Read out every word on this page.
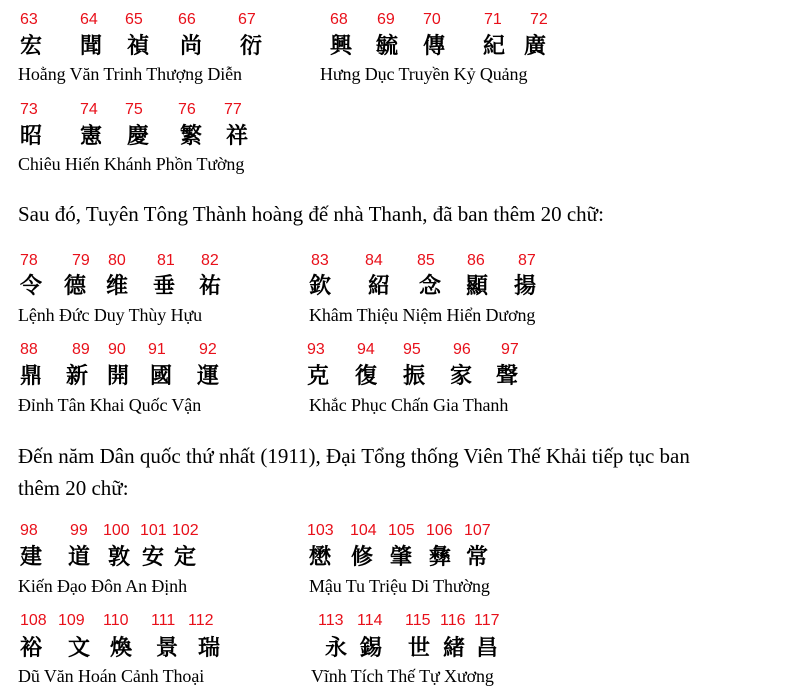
63	64 65 66	67
宏 聞 禎 尚 衍
Hoằng Văn Trinh Thượng Diễn
68 69 70	71 72
興 毓 傳 紀 廣
Hưng Dục Truyền Kỷ Quảng
73	74 75 76 77
昭 憲 慶 繁 祥
Chiêu Hiến Khánh Phồn Tường
Sau đó, Tuyên Tông Thành hoàng đế nhà Thanh, đã ban thêm 20 chữ:
78 79 80 81 82
令 德 维 垂 祐
Lệnh Đức Duy Thùy Hựu
83 84 85 86 87
欽 紹 念 顯 揚
Khâm Thiệu Niệm Hiển Dương
88 89 90 91 92
鼎 新 開 國 運
Đỉnh Tân Khai Quốc Vận
93 94 95 96 97
克 復 振 家 聲
Khắc Phục Chấn Gia Thanh
Đến năm Dân quốc thứ nhất (1911), Đại Tổng thống Viên Thế Khải tiếp tục ban
thêm 20 chữ:
98 99 100 101 102
建 道 敦 安 定
Kiến Đạo Đôn An Định
103 104 105 106 107
懋 修 肇 彝 常
Mậu Tu Triệu Di Thường
108 109 110 111 112
裕 文 煥 景 瑞
Dũ Văn Hoán Cảnh Thoại
113 114 115 116 117
永 錫 世 緒 昌
Vĩnh Tích Thế Tự Xương
